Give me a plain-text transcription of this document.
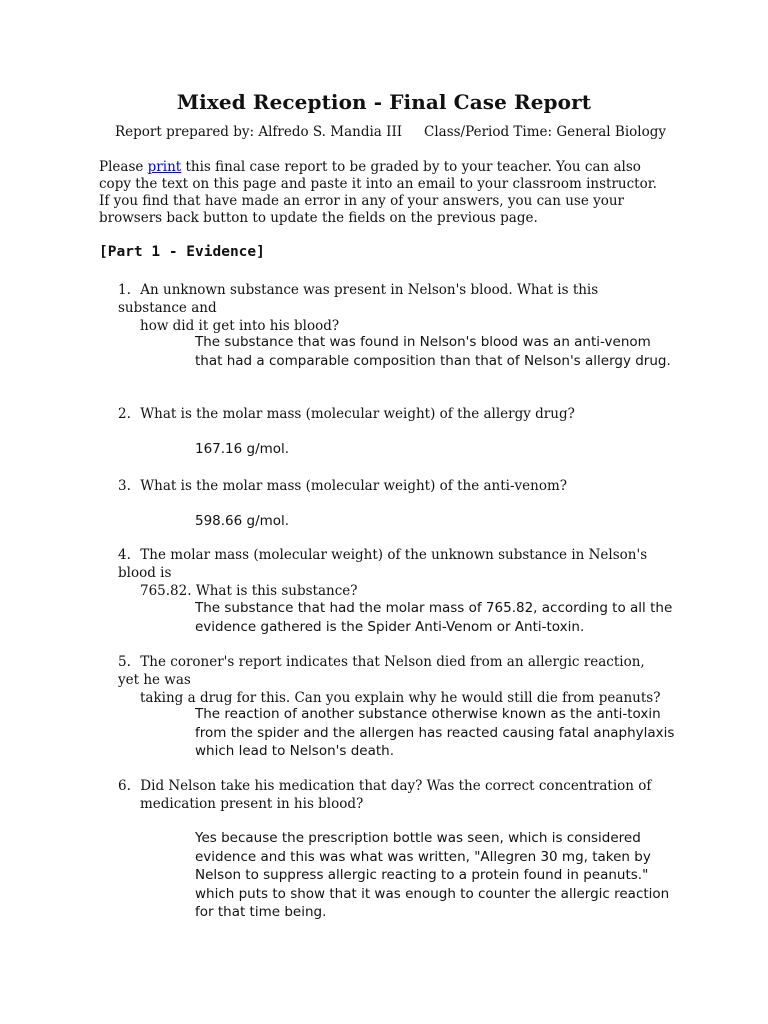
Mixed Reception - Final Case Report

Report prepared by: Alfredo S. Mandia III Class/Period Time: General Biology

Please print this final case report to be graded by to your teacher. You can also copy the text on this page and paste it into an email to your classroom instructor. If you find that have made an error in any of your answers, you can use your browsers back button to update the fields on the previous page.

[Part 1 - Evidence]

1. An unknown substance was present in Nelson's blood. What is this substance and
how did it get into his blood?

The substance that was found in Nelson's blood was an anti-venom that had a comparable composition than that of Nelson's allergy drug.

2. What is the molar mass (molecular weight) of the allergy drug?

167.16 g/mol.

3. What is the molar mass (molecular weight) of the anti-venom?

598.66 g/mol.

4. The molar mass (molecular weight) of the unknown substance in Nelson's blood is
765.82. What is this substance?

The substance that had the molar mass of 765.82, according to all the evidence gathered is the Spider Anti-Venom or Anti-toxin.

5. The coroner's report indicates that Nelson died from an allergic reaction, yet he was
taking a drug for this. Can you explain why he would still die from peanuts?

The reaction of another substance otherwise known as the anti-toxin from the spider and the allergen has reacted causing fatal anaphylaxis which lead to Nelson's death.

6. Did Nelson take his medication that day? Was the correct concentration of
medication present in his blood?

Yes because the prescription bottle was seen, which is considered evidence and this was what was written, "Allegren 30 mg, taken by Nelson to suppress allergic reacting to a protein found in peanuts." which puts to show that it was enough to counter the allergic reaction for that time being.
